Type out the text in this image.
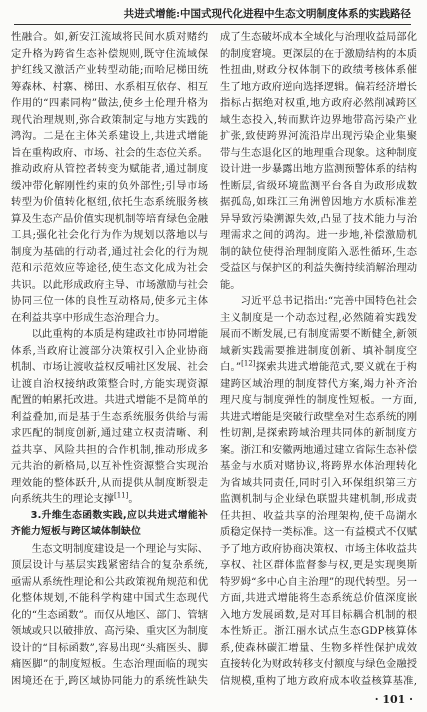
共进式增能:中国式现代化进程中生态文明制度体系的实践路径

性融合。如,新安江流域将民间水质对赌约定升格为跨省生态补偿规则,既守住流域保护红线又激活产业转型动能;而哈尼梯田统筹森林、村寨、梯田、水系相互依存、相互作用的“四素同构”做法,使乡土伦理升格为现代治理规则,弥合政策制定与地方实践的鸿沟。二是在主体关系建设上,共进式增能旨在重构政府、市场、社会的生态位关系。推动政府从管控者转变为赋能者,通过制度缓冲带化解刚性约束的负外部性;引导市场转型为价值转化枢纽,依托生态系统服务核算及生态产品价值实现机制等培育绿色金融工具;强化社会化行为作为规划以落地以与制度为基础的行动者,通过社会化的行为规范和示范效应等途径,使生态文化成为社会共识。以此形成政府主导、市场激励与社会协同三位一体的良性互动格局,使多元主体在利益共享中形成生态治理合力。

以此重构的本质是构建政社市协同增能体系,当政府让渡部分决策权引入企业协商机制、市场让渡收益权反哺社区发展、社会让渡自治权接纳政策整合时,方能实现资源配置的帕累托改进。共进式增能不是简单的利益叠加,而是基于生态系统服务供给与需求匹配的制度创新,通过建立权责清晰、利益共享、风险共担的合作机制,推动形成多元共治的新格局,以互补性资源整合实现治理效能的整体跃升,从而提供从制度断裂走向系统共生的理论支撑[11]。

3.升维生态函数实践,应以共进式增能补齐能力短板与跨区域体制缺位

生态文明制度建设是一个理论与实际、顶层设计与基层实践紧密结合的复杂系统,亟需从系统性理论和公共政策视角规范和优化整体规划,不能科学构建中国式生态现代化的“生态函数”。而仅从地区、部门、管辖领域或只以破排放、高污染、重灾区为制度设计的“目标函数”,容易出现“头痛医头、脚痛医脚”的制度短板。生态治理面临的现实困境还在于,跨区域协同能力的系统性缺失

成了生态破坏成本全域化与治理收益局部化的制度窘境。更深层的在于激励结构的本质性扭曲,财政分权体制下的政绩考核体系催生了地方政府逆向选择逻辑。偏若经济增长指标占据绝对权重,地方政府必然削减跨区域生态投入,转而默许边界地带高污染产业扩张,致使跨界河流沿岸出现污染企业集聚带与生态退化区的地理重合现象。这种制度设计进一步暴露出地方监测预警体系的结构性断层,省级环境监测平台各自为政形成数据孤岛,如珠江三角洲曾因地方水质标准差异导致污染溯源失效,凸显了技术能力与治理需求之间的鸿沟。进一步地,补偿激励机制的缺位使得治理制度陷入恶性循环,生态受益区与保护区的利益失衡持续消解治理动能。

习近平总书记指出:“完善中国特色社会主义制度是一个动态过程,必然随着实践发展而不断发展,已有制度需要不断健全,新领域新实践需要推进制度创新、填补制度空白。”[12]探索共进式增能范式,要义就在于构建跨区域治理的制度替代方案,竭力补齐治理尺度与制度弹性的制度性短板。一方面,共进式增能是突破行政壁垒对生态系统的刚性切割,是探索跨域治理共同体的新制度方案。浙江和安徽两地通过建立省际生态补偿基金与水质对赌协议,将跨界水体治理转化为省域共同责任,同时引入环保组织第三方监测机制与企业绿色联盟共建机制,形成责任共担、收益共享的治理架构,使千岛湖水质稳定保持一类标准。这一有益模式不仅赋予了地方政府协商决策权、市场主体收益共享权、社区群体监督参与权,更是实现奥斯特罗姆“多中心自主治理”的现代转型。另一方面,共进式增能将生态系统总价值深度嵌入地方发展函数,是对耳目标耦合机制的根本性矫正。浙江丽水试点生态GDP核算体系,使森林碳汇增量、生物多样性保护成效直接转化为财政转移支付额度与绿色金融授信规模,重构了地方政府成本收益核算基准,

· 101 ·
